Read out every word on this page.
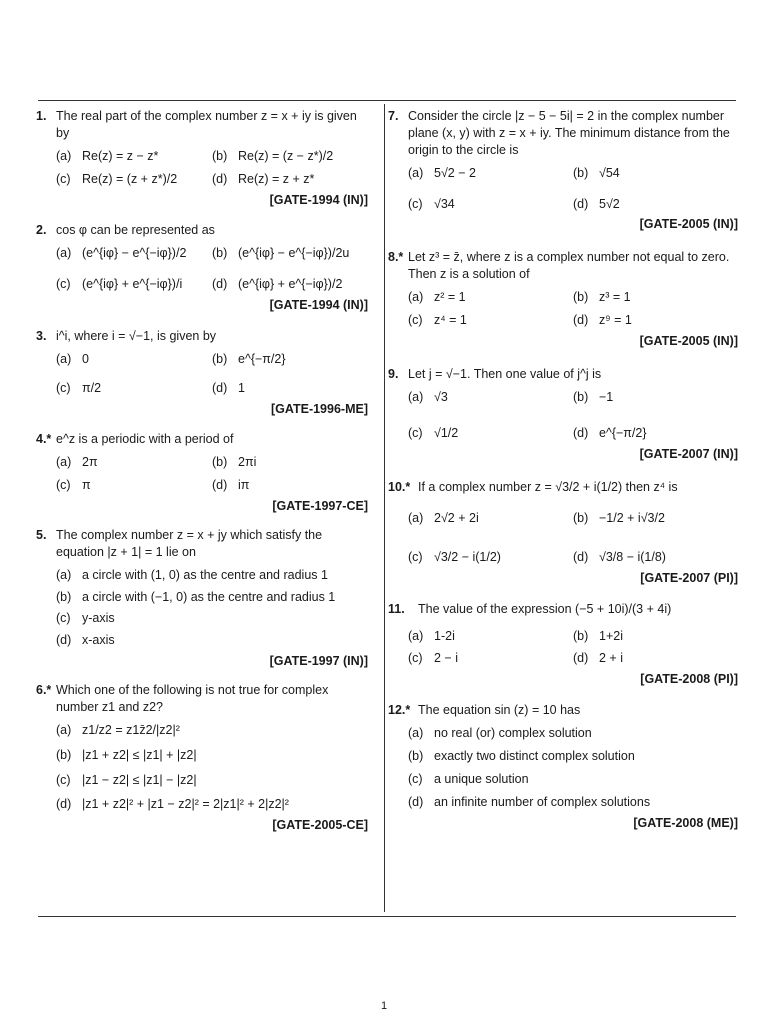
1. The real part of the complex number z = x + iy is given by
(a) Re(z) = z − z*	(b) Re(z) = (z − z*)/2
(c) Re(z) = (z + z*)/2	(d) Re(z) = z + z*
[GATE-1994 (IN)]
2. cos φ can be represented as
(a) (e^{iφ} − e^{−iφ})/2 (b) (e^{iφ} − e^{−iφ})/2u
(c) (e^{iφ} + e^{−iφ})/i (d) (e^{iφ} + e^{−iφ})/2
[GATE-1994 (IN)]
3. i^i, where i = √−1, is given by
(a) 0	(b) e^{−π/2}
(c) π/2	(d) 1
[GATE-1996-ME]
4.* e^z is a periodic with a period of
(a) 2π	(b) 2πi
(c) π	(d) iπ
[GATE-1997-CE]
5. The complex number z = x + jy which satisfy the equation |z + 1| = 1 lie on
(a) a circle with (1, 0) as the centre and radius 1
(b) a circle with (−1, 0) as the centre and radius 1
(c) y-axis
(d) x-axis
[GATE-1997 (IN)]
6.* Which one of the following is not true for complex number z1 and z2?
(a) z1/z2 = z1z̄2/|z2|²
(b) |z1 + z2| ≤ |z1| + |z2|
(c) |z1 − z2| ≤ |z1| − |z2|
(d) |z1 + z2|² + |z1 − z2|² = 2|z1|² + 2|z2|²
[GATE-2005-CE]
7. Consider the circle |z − 5 − 5i| = 2 in the complex number plane (x, y) with z = x + iy. The minimum distance from the origin to the circle is
(a) 5√2 − 2	(b) √54
(c) √34	(d) 5√2
[GATE-2005 (IN)]
8.* Let z³ = z̄, where z is a complex number not equal to zero. Then z is a solution of
(a) z² = 1	(b) z³ = 1
(c) z⁴ = 1	(d) z⁹ = 1
[GATE-2005 (IN)]
9. Let j = √−1. Then one value of j^j is
(a) √3	(b) −1
(c) √1/2	(d) e^{−π/2}
[GATE-2007 (IN)]
10.* If a complex number z = √3/2 + i(1/2) then z⁴ is
(a) 2√2 + 2i	(b) −1/2 + i√3/2
(c) √3/2 − i(1/2)	(d) √3/8 − i(1/8)
[GATE-2007 (PI)]
11.	The value of the expression (−5 + 10i)/(3 + 4i)
(a) 1-2i	(b) 1+2i
(c) 2 − i	(d) 2 + i
[GATE-2008 (PI)]
12.* The equation sin (z) = 10 has
(a) no real (or) complex solution
(b) exactly two distinct complex solution
(c) a unique solution
(d) an infinite number of complex solutions
[GATE-2008 (ME)]
1
